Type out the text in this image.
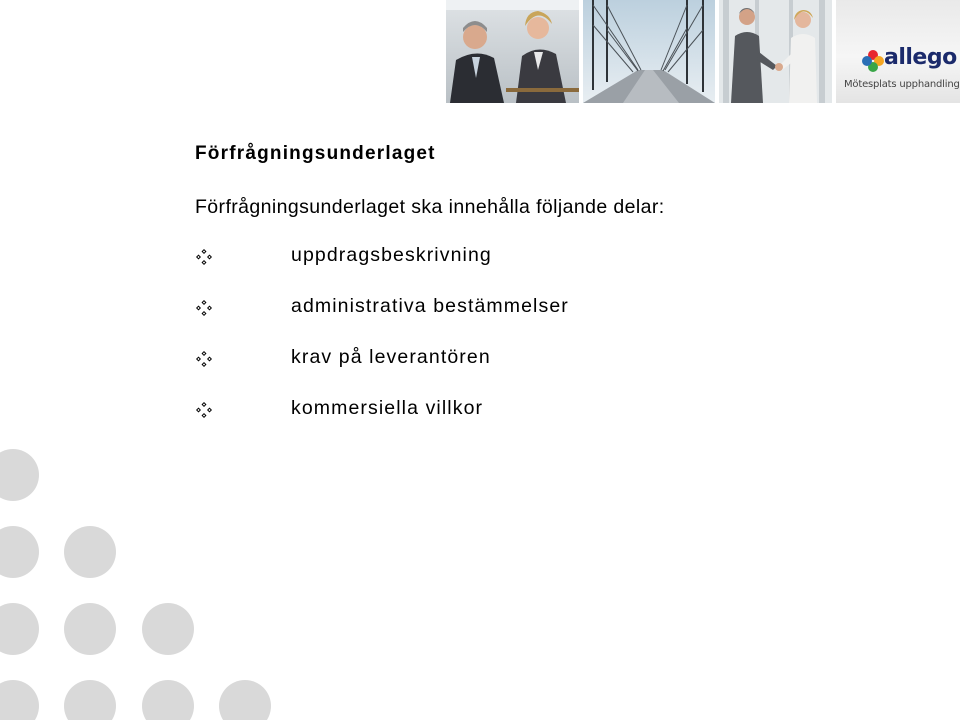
allego
Mötesplats upphandling
Förfrågningsunderlaget
Förfrågningsunderlaget ska innehålla följande delar:
uppdragsbeskrivning
administrativa bestämmelser
krav på leverantören
kommersiella villkor
